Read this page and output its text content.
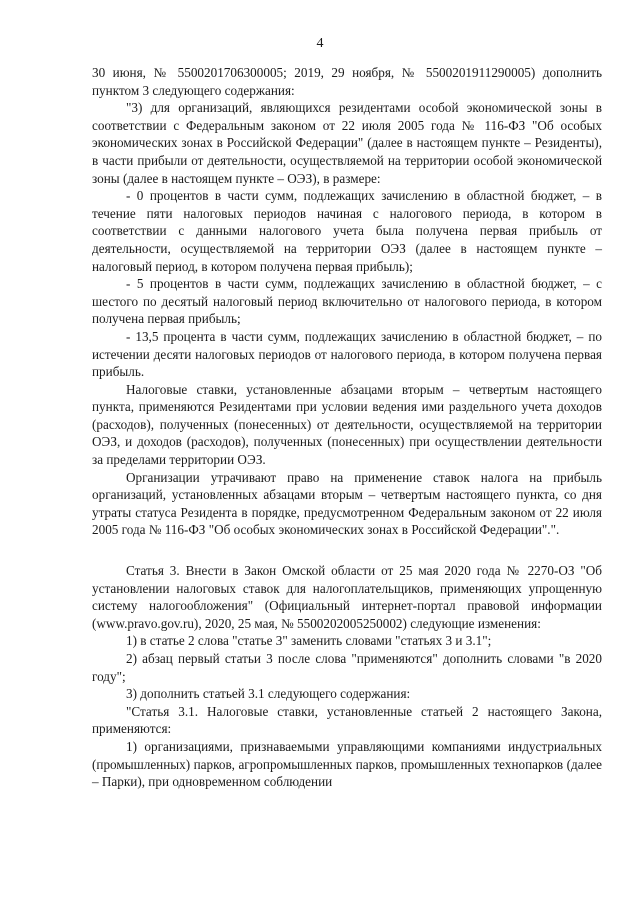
4

30 июня, № 5500201706300005; 2019, 29 ноября, № 5500201911290005) дополнить пунктом 3 следующего содержания:

"3) для организаций, являющихся резидентами особой экономической зоны в соответствии с Федеральным законом от 22 июля 2005 года № 116-ФЗ "Об особых экономических зонах в Российской Федерации" (далее в настоящем пункте – Резиденты), в части прибыли от деятельности, осуществляемой на территории особой экономической зоны (далее в настоящем пункте – ОЭЗ), в размере:

- 0 процентов в части сумм, подлежащих зачислению в областной бюджет, – в течение пяти налоговых периодов начиная с налогового периода, в котором в соответствии с данными налогового учета была получена первая прибыль от деятельности, осуществляемой на территории ОЭЗ (далее в настоящем пункте – налоговый период, в котором получена первая прибыль);

- 5 процентов в части сумм, подлежащих зачислению в областной бюджет, – с шестого по десятый налоговый период включительно от налогового периода, в котором получена первая прибыль;

- 13,5 процента в части сумм, подлежащих зачислению в областной бюджет, – по истечении десяти налоговых периодов от налогового периода, в котором получена первая прибыль.

Налоговые ставки, установленные абзацами вторым – четвертым настоящего пункта, применяются Резидентами при условии ведения ими раздельного учета доходов (расходов), полученных (понесенных) от деятельности, осуществляемой на территории ОЭЗ, и доходов (расходов), полученных (понесенных) при осуществлении деятельности за пределами территории ОЭЗ.

Организации утрачивают право на применение ставок налога на прибыль организаций, установленных абзацами вторым – четвертым настоящего пункта, со дня утраты статуса Резидента в порядке, предусмотренном Федеральным законом от 22 июля 2005 года № 116-ФЗ "Об особых экономических зонах в Российской Федерации".".

Статья 3. Внести в Закон Омской области от 25 мая 2020 года № 2270-ОЗ "Об установлении налоговых ставок для налогоплательщиков, применяющих упрощенную систему налогообложения" (Официальный интернет-портал правовой информации (www.pravo.gov.ru), 2020, 25 мая, № 5500202005250002) следующие изменения:

1) в статье 2 слова "статье 3" заменить словами "статьях 3 и 3.1";

2) абзац первый статьи 3 после слова "применяются" дополнить словами "в 2020 году";

3) дополнить статьей 3.1 следующего содержания:

"Статья 3.1. Налоговые ставки, установленные статьей 2 настоящего Закона, применяются:

1) организациями, признаваемыми управляющими компаниями индустриальных (промышленных) парков, агропромышленных парков, промышленных технопарков (далее – Парки), при одновременном соблюдении
